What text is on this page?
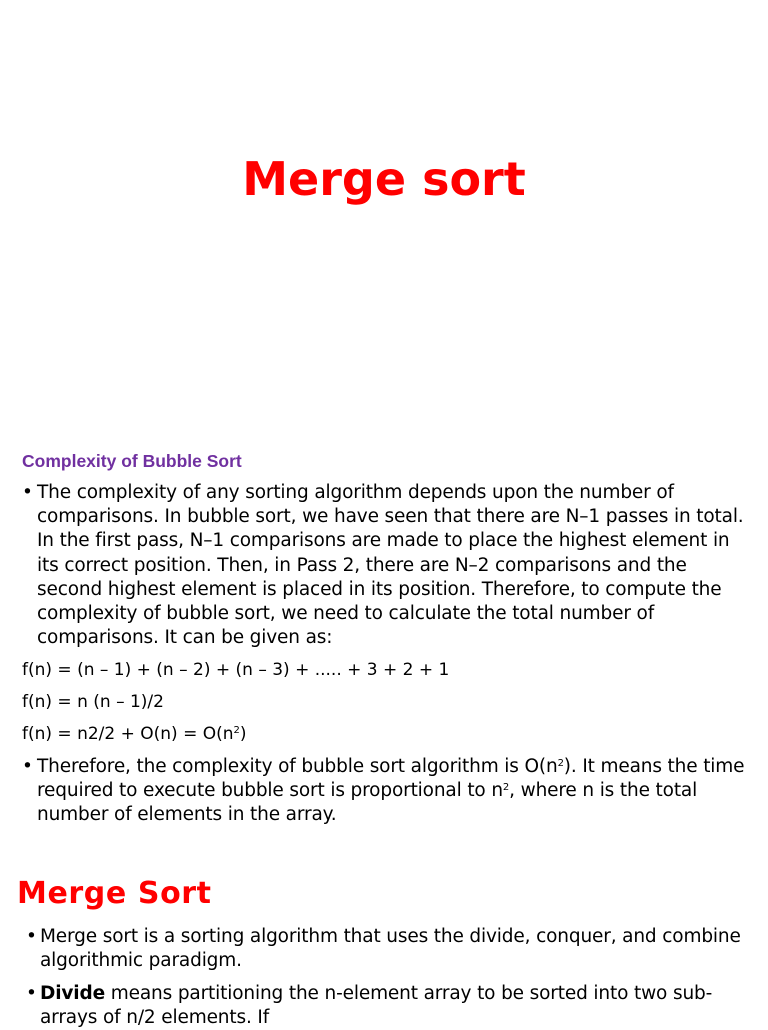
Merge sort
Complexity of Bubble Sort
• The complexity of any sorting algorithm depends upon the number of
comparisons. In bubble sort, we have seen that there are N–1 passes in total.
In the first pass, N–1 comparisons are made to place the highest element in
its correct position. Then, in Pass 2, there are N–2 comparisons and the
second highest element is placed in its position. Therefore, to compute the
complexity of bubble sort, we need to calculate the total number of
comparisons. It can be given as:
f(n) = (n – 1) + (n – 2) + (n – 3) + ..... + 3 + 2 + 1
f(n) = n (n – 1)/2
$f(n) = n2/2 + O(n) = O(n^2)$
• Therefore, the complexity of bubble sort algorithm is $O(n^2)$. It means the time
required to execute bubble sort is proportional to $n^2$, where n is the total
number of elements in the array.
Merge Sort
• Merge sort is a sorting algorithm that uses the divide, conquer, and combine
algorithmic paradigm.
• Divide means partitioning the n-element array to be sorted into two sub-
arrays of n/2 elements. If
